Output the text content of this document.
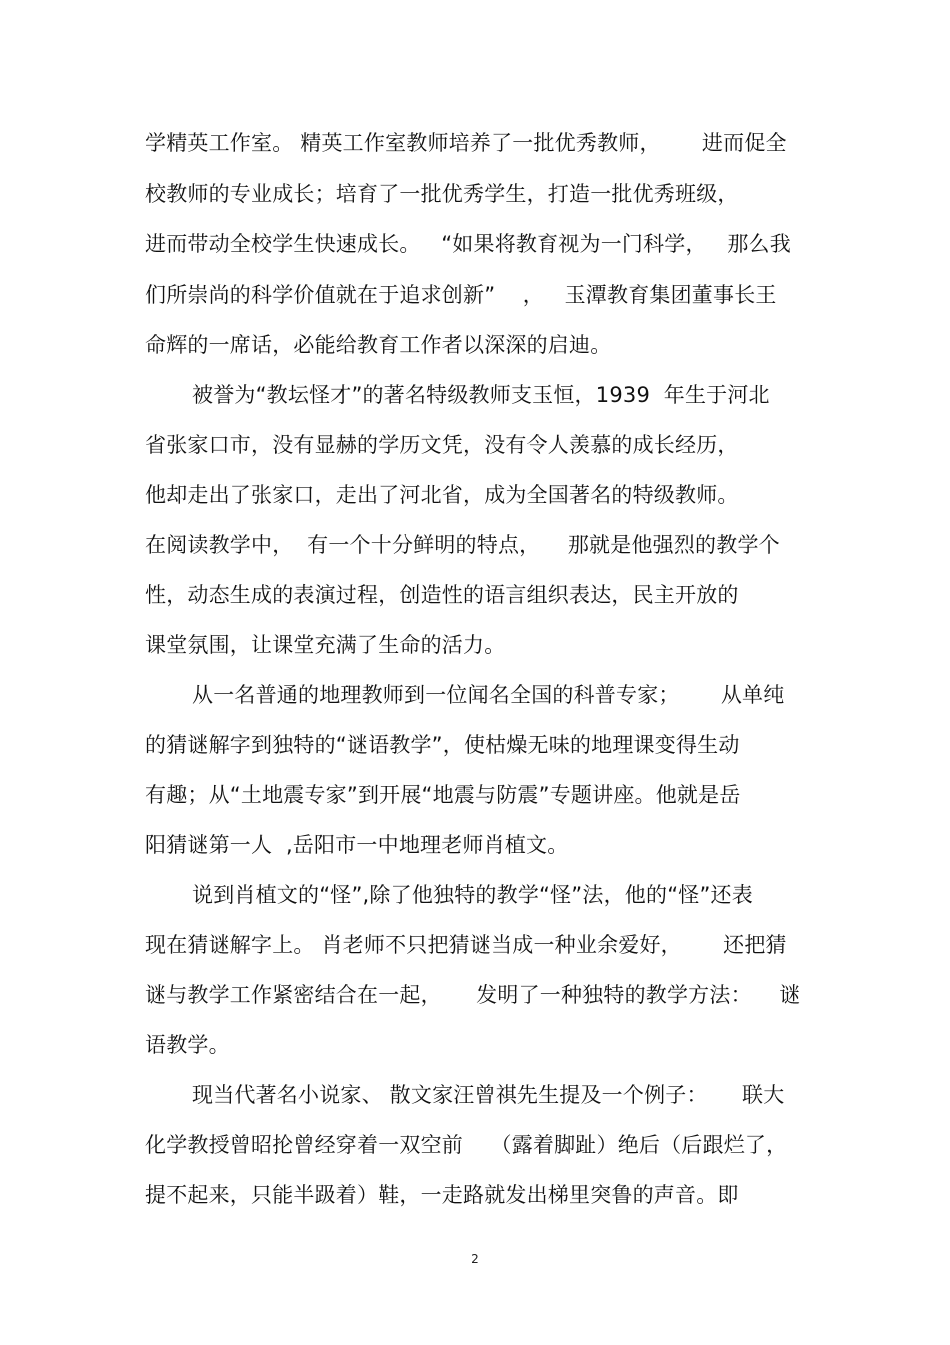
学精英工作室。 精英工作室教师培养了一批优秀教师，      进而促全
校教师的专业成长；培育了一批优秀学生，打造一批优秀班级，
进而带动全校学生快速成长。   “如果将教育视为一门科学，   那么我
们所崇尚的科学价值就在于追求创新”    ，   玉潭教育集团董事长王
命辉的一席话，必能给教育工作者以深深的启迪。
被誉为“教坛怪才”的著名特级教师支玉恒，1939  年生于河北
省张家口市，没有显赫的学历文凭，没有令人羡慕的成长经历，
他却走出了张家口，走出了河北省，成为全国著名的特级教师。
在阅读教学中，  有一个十分鲜明的特点，    那就是他强烈的教学个
性，动态生成的表演过程，创造性的语言组织表达，民主开放的
课堂氛围，让课堂充满了生命的活力。
从一名普通的地理教师到一位闻名全国的科普专家；      从单纯
的猜谜解字到独特的“谜语教学”，使枯燥无味的地理课变得生动
有趣；从“土地震专家”到开展“地震与防震”专题讲座。他就是岳
阳猜谜第一人  ,岳阳市一中地理老师肖植文。
说到肖植文的“怪”,除了他独特的教学“怪”法，他的“怪”还表
现在猜谜解字上。 肖老师不只把猜谜当成一种业余爱好，      还把猜
谜与教学工作紧密结合在一起，     发明了一种独特的教学方法：    谜
语教学。
现当代著名小说家、 散文家汪曾祺先生提及一个例子：     联大
化学教授曾昭抡曾经穿着一双空前    （露着脚趾）绝后（后跟烂了，
提不起来，只能半趿着）鞋，一走路就发出梯里突鲁的声音。即
2
